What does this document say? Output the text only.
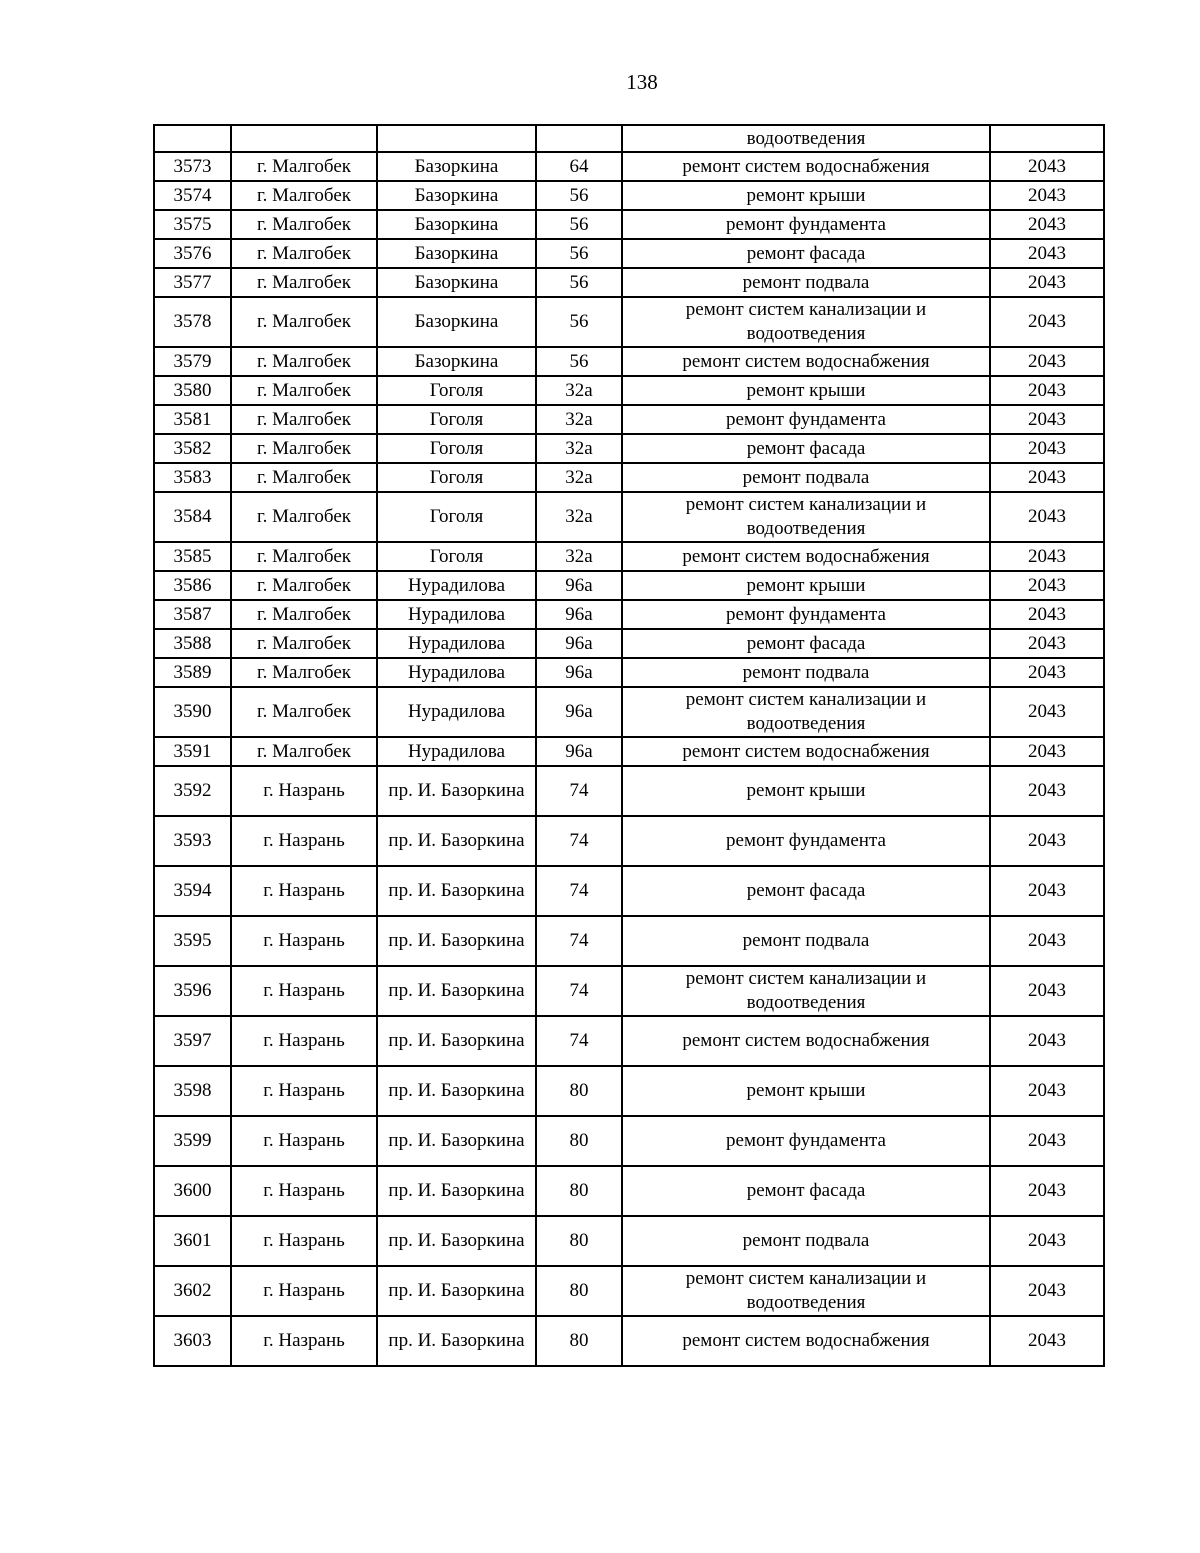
138
				водоотведения	
3573	г. Малгобек	Базоркина	64	ремонт систем водоснабжения	2043
3574	г. Малгобек	Базоркина	56	ремонт крыши	2043
3575	г. Малгобек	Базоркина	56	ремонт фундамента	2043
3576	г. Малгобек	Базоркина	56	ремонт фасада	2043
3577	г. Малгобек	Базоркина	56	ремонт подвала	2043
3578	г. Малгобек	Базоркина	56	ремонт систем канализации и водоотведения	2043
3579	г. Малгобек	Базоркина	56	ремонт систем водоснабжения	2043
3580	г. Малгобек	Гоголя	32а	ремонт крыши	2043
3581	г. Малгобек	Гоголя	32а	ремонт фундамента	2043
3582	г. Малгобек	Гоголя	32а	ремонт фасада	2043
3583	г. Малгобек	Гоголя	32а	ремонт подвала	2043
3584	г. Малгобек	Гоголя	32а	ремонт систем канализации и водоотведения	2043
3585	г. Малгобек	Гоголя	32а	ремонт систем водоснабжения	2043
3586	г. Малгобек	Нурадилова	96а	ремонт крыши	2043
3587	г. Малгобек	Нурадилова	96а	ремонт фундамента	2043
3588	г. Малгобек	Нурадилова	96а	ремонт фасада	2043
3589	г. Малгобек	Нурадилова	96а	ремонт подвала	2043
3590	г. Малгобек	Нурадилова	96а	ремонт систем канализации и водоотведения	2043
3591	г. Малгобек	Нурадилова	96а	ремонт систем водоснабжения	2043
3592	г. Назрань	пр. И. Базоркина	74	ремонт крыши	2043
3593	г. Назрань	пр. И. Базоркина	74	ремонт фундамента	2043
3594	г. Назрань	пр. И. Базоркина	74	ремонт фасада	2043
3595	г. Назрань	пр. И. Базоркина	74	ремонт подвала	2043
3596	г. Назрань	пр. И. Базоркина	74	ремонт систем канализации и водоотведения	2043
3597	г. Назрань	пр. И. Базоркина	74	ремонт систем водоснабжения	2043
3598	г. Назрань	пр. И. Базоркина	80	ремонт крыши	2043
3599	г. Назрань	пр. И. Базоркина	80	ремонт фундамента	2043
3600	г. Назрань	пр. И. Базоркина	80	ремонт фасада	2043
3601	г. Назрань	пр. И. Базоркина	80	ремонт подвала	2043
3602	г. Назрань	пр. И. Базоркина	80	ремонт систем канализации и водоотведения	2043
3603	г. Назрань	пр. И. Базоркина	80	ремонт систем водоснабжения	2043
